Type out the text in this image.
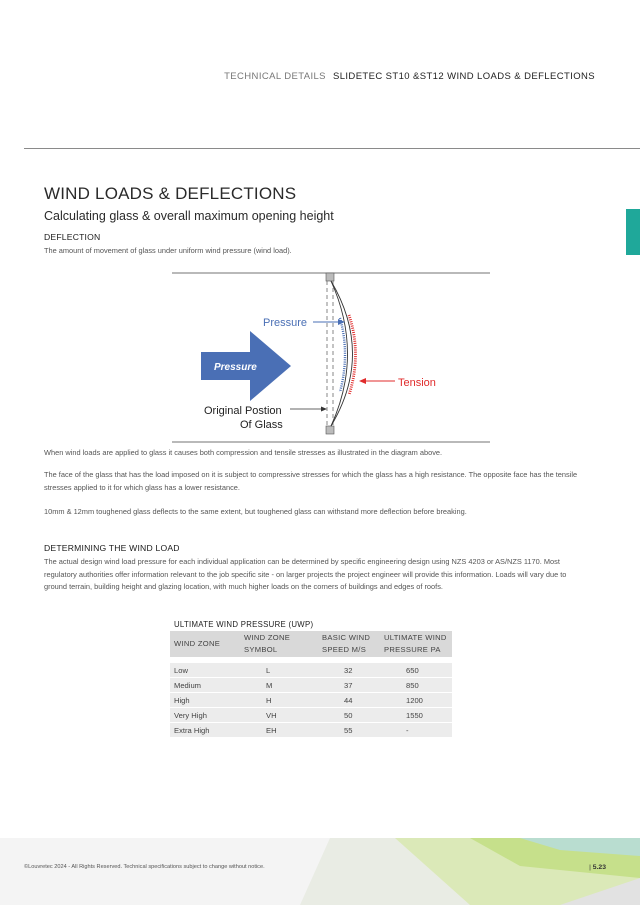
TECHNICAL DETAILS SLIDETEC ST10 &ST12 WIND LOADS & DEFLECTIONS
WIND LOADS & DEFLECTIONS
Calculating glass & overall maximum opening height
DEFLECTION
The amount of movement of glass under uniform wind pressure (wind load).
Pressure
Pressure
Tension
Original Postion
Of Glass
When wind loads are applied to glass it causes both compression and tensile stresses as illustrated in the diagram above.
The face of the glass that has the load imposed on it is subject to compressive stresses for which the glass has a high resistance. The opposite face has the tensile stresses applied to it for which glass has a lower resistance.
10mm & 12mm toughened glass deflects to the same extent, but toughened glass can withstand more deflection before breaking.
DETERMINING THE WIND LOAD
The actual design wind load pressure for each individual application can be determined by specific engineering design using NZS 4203 or AS/NZS 1170. Most regulatory authorities offer information relevant to the job specific site - on larger projects the project engineer will provide this information. Loads will vary due to ground terrain, building height and glazing location, with much higher loads on the corners of buildings and edges of roofs.
ULTIMATE WIND PRESSURE (UWP)
WIND ZONE	WIND ZONE SYMBOL	BASIC WIND SPEED M/S	ULTIMATE WIND PRESSURE PA
Low	L	32	650
Medium	M	37	850
High	H	44	1200
Very High	VH	50	1550
Extra High	EH	55	-
©Louvretec 2024 - All Rights Reserved. Technical specifications subject to change without notice.	| 5.23
